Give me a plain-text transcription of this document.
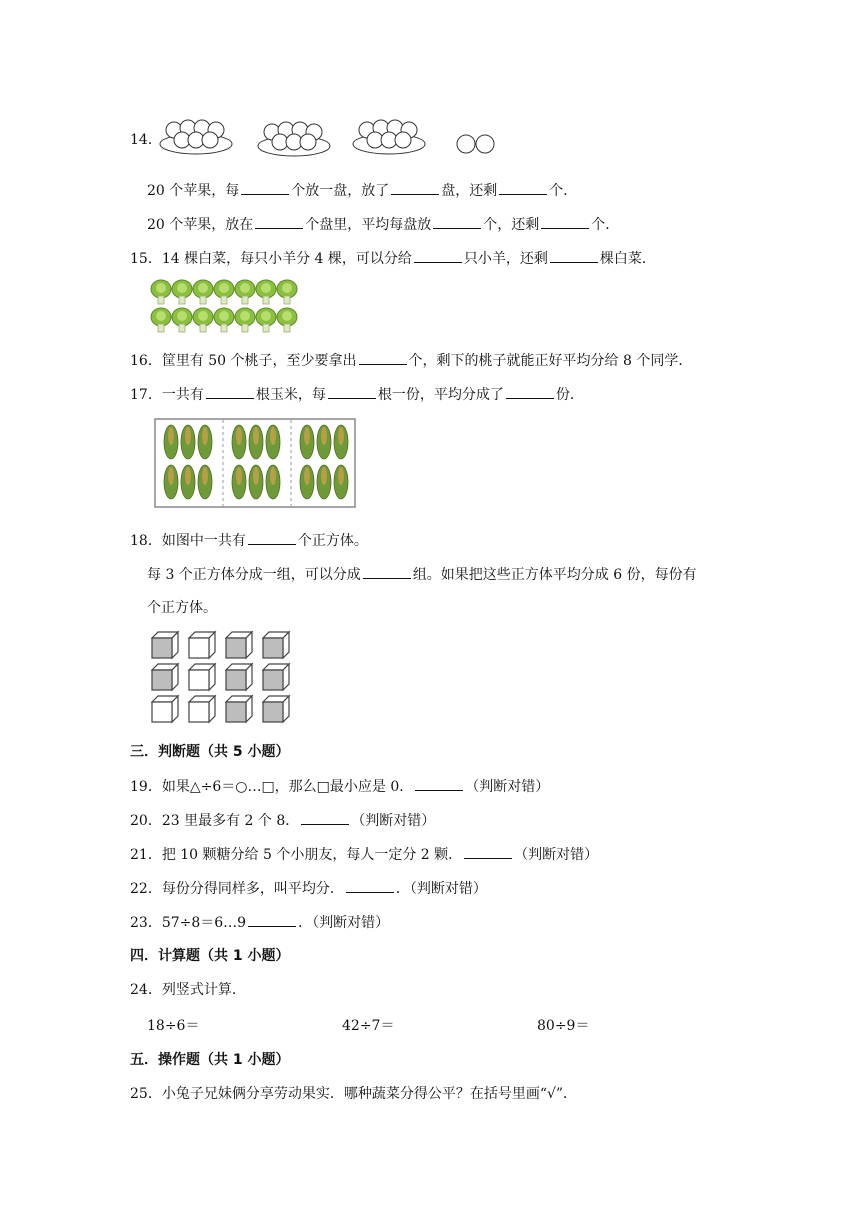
14．
20 个苹果，每	个放一盘，放了	盘，还剩	个．
20 个苹果，放在	个盘里，平均每盘放	个，还剩	个．
15．14 棵白菜，每只小羊分 4 棵，可以分给	只小羊，还剩	棵白菜．
16．筐里有 50 个桃子，至少要拿出	个，剩下的桃子就能正好平均分给 8 个同学．
17．一共有	根玉米，每	根一份，平均分成了	份．
18．如图中一共有	个正方体。
每 3 个正方体分成一组，可以分成	组。如果把这些正方体平均分成 6 份，每份有
个正方体。
三．判断题（共 5 小题）
19．如果△÷6＝○…□，那么□最小应是 0．	（判断对错）
20．23 里最多有 2 个 8．	（判断对错）
21．把 10 颗糖分给 5 个小朋友，每人一定分 2 颗．	（判断对错）
22．每份分得同样多，叫平均分．	．（判断对错）
23．57÷8＝6…9	．（判断对错）
四．计算题（共 1 小题）
24．列竖式计算．
18÷6＝	42÷7＝	80÷9＝
五．操作题（共 1 小题）
25．小兔子兄妹俩分享劳动果实．哪种蔬菜分得公平？在括号里画“√”．
